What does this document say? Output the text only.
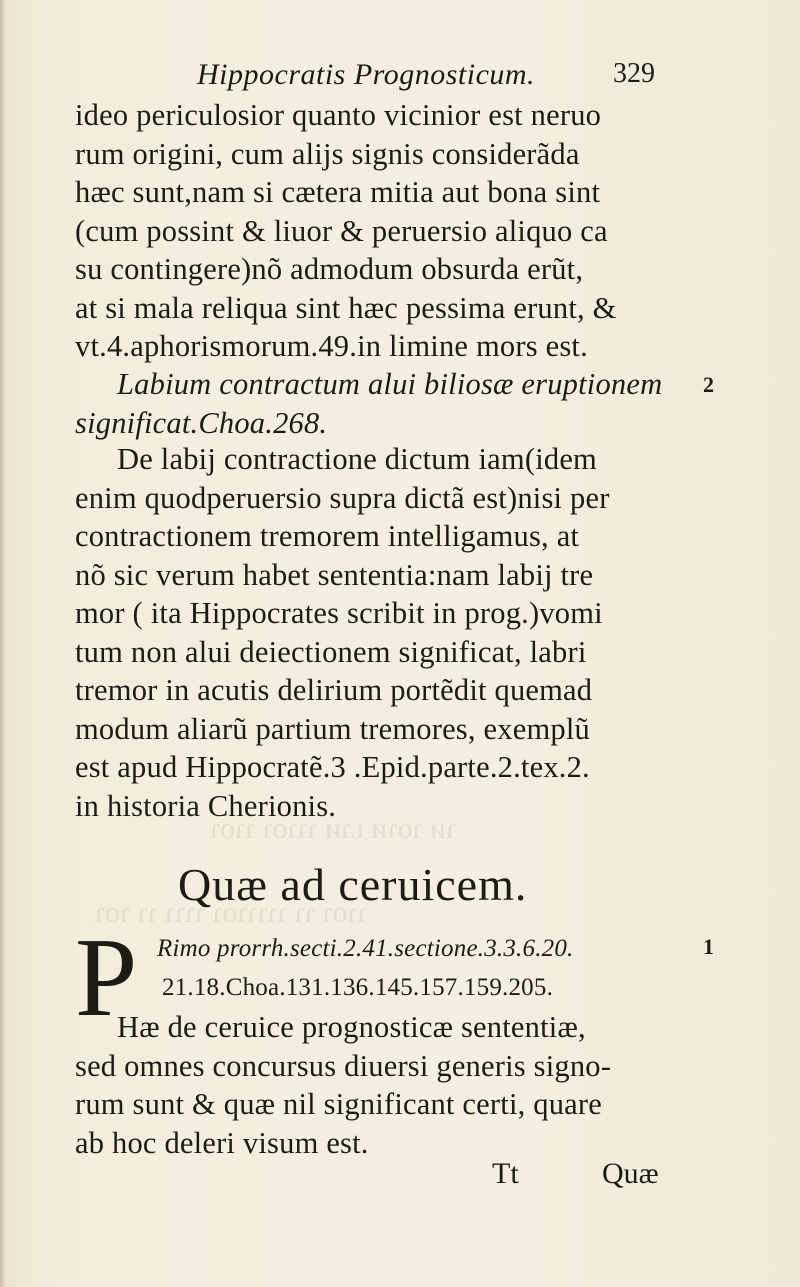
ɿᴎ ɿoɿᴎ ʟɿᴎ ɿɿɿoɿ ɿɿoɿ
ɿɿoɿ ɿɿ ɿɿɿɿɿoɿ ɿɿɿɿ ɿɿ ɿoɿ
Hippocratis Prognosticum.	329
ideo periculosior quanto vicinior est neruo
rum origini, cum alijs signis considerãda
hæc sunt,nam si cætera mitia aut bona sint
(cum possint & liuor & peruersio aliquo ca
su contingere)nõ admodum obsurda erũt,
at si mala reliqua sint hæc pessima erunt, &
vt.4.aphorismorum.49.in limine mors est.
Labium contractum alui biliosæ eruptionem
significat.Choa.268.
2
De labij contractione dictum iam(idem
enim quodperuersio supra dictã est)nisi per
contractionem tremorem intelligamus, at
nõ sic verum habet sententia:nam labij tre
mor ( ita Hippocrates scribit in prog.)vomi
tum non alui deiectionem significat, labri
tremor in acutis delirium portẽdit quemad
modum aliarũ partium tremores, exemplũ
est apud Hippocratẽ.3 .Epid.parte.2.tex.2.
in historia Cherionis.
Quæ ad ceruicem.
P Rimo prorrh.secti.2.41.sectione.3.3.6.20.
21.18.Choa.131.136.145.157.159.205.
1
Hæ de ceruice prognosticæ sententiæ,
sed omnes concursus diuersi generis signo-
rum sunt & quæ nil significant certi, quare
ab hoc deleri visum est.
Tt	Quæ
